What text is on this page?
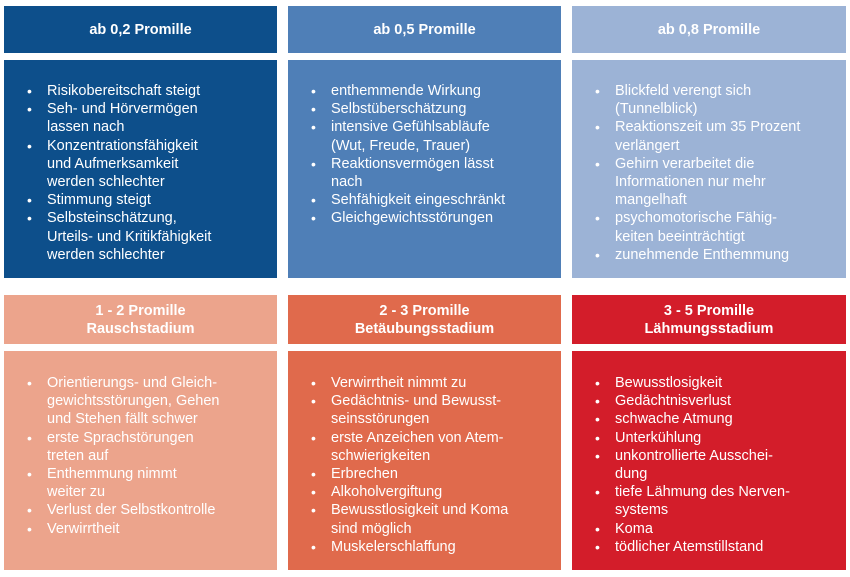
ab 0,2 Promille
• Risikobereitschaft steigt
• Seh- und Hörvermögen
lassen nach
• Konzentrationsfähigkeit
und Aufmerksamkeit
werden schlechter
• Stimmung steigt
• Selbsteinschätzung,
Urteils- und Kritikfähigkeit
werden schlechter
ab 0,5 Promille
• enthemmende Wirkung
• Selbstüberschätzung
• intensive Gefühlsabläufe
(Wut, Freude, Trauer)
• Reaktionsvermögen lässt
nach
• Sehfähigkeit eingeschränkt
• Gleichgewichtsstörungen
ab 0,8 Promille
• Blickfeld verengt sich
(Tunnelblick)
• Reaktionszeit um 35 Prozent
verlängert
• Gehirn verarbeitet die
Informationen nur mehr
mangelhaft
• psychomotorische Fähig-
keiten beeinträchtigt
• zunehmende Enthemmung
1 - 2 Promille
Rauschstadium
• Orientierungs- und Gleich-
gewichtsstörungen, Gehen
und Stehen fällt schwer
• erste Sprachstörungen
treten auf
• Enthemmung nimmt
weiter zu
• Verlust der Selbstkontrolle
• Verwirrtheit
2 - 3 Promille
Betäubungsstadium
• Verwirrtheit nimmt zu
• Gedächtnis- und Bewusst-
seinsstörungen
• erste Anzeichen von Atem-
schwierigkeiten
• Erbrechen
• Alkoholvergiftung
• Bewusstlosigkeit und Koma
sind möglich
• Muskelerschlaffung
3 - 5 Promille
Lähmungsstadium
• Bewusstlosigkeit
• Gedächtnisverlust
• schwache Atmung
• Unterkühlung
• unkontrollierte Ausschei-
dung
• tiefe Lähmung des Nerven-
systems
• Koma
• tödlicher Atemstillstand
